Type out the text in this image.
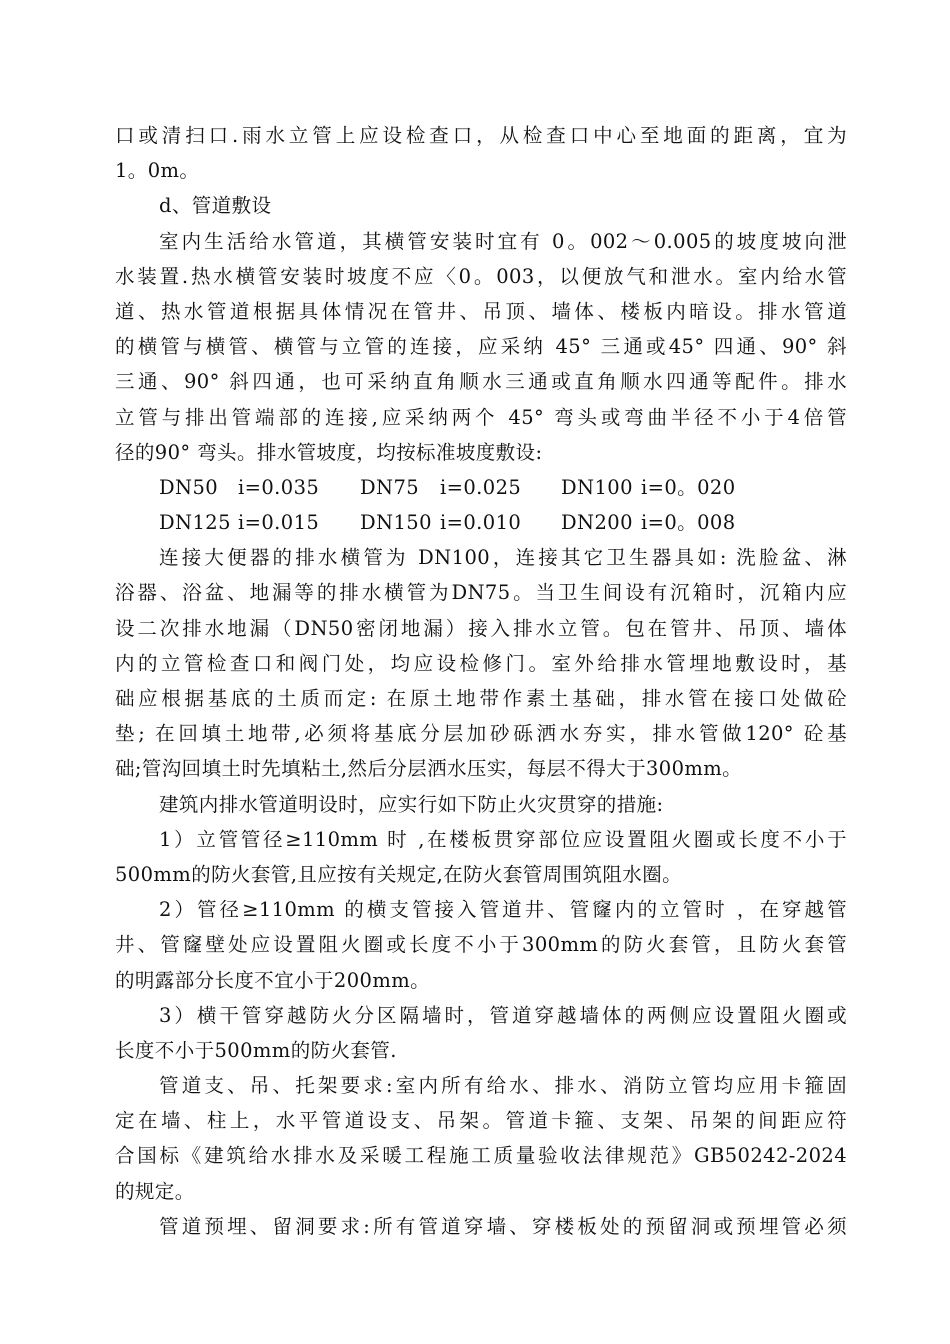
口或清扫口.雨水立管上应设检查口，从检查口中心至地面的距离，宜为
1。0m。
d、管道敷设
室内生活给水管道，其横管安装时宜有 0。002～0.005的坡度坡向泄
水装置.热水横管安装时坡度不应〈0。003，以便放气和泄水。室内给水管
道、热水管道根据具体情况在管井、吊顶、墙体、楼板内暗设。排水管道
的横管与横管、横管与立管的连接，应采纳 45° 三通或45° 四通、90° 斜
三通、90° 斜四通，也可采纳直角顺水三通或直角顺水四通等配件。排水
立管与排出管端部的连接,应采纳两个 45° 弯头或弯曲半径不小于4倍管
径的90° 弯头。排水管坡度，均按标准坡度敷设:
DN50 i=0.035 DN75 i=0.025 DN100 i=0。020
DN125 i=0.015 DN150 i=0.010 DN200 i=0。008
连接大便器的排水横管为 DN100，连接其它卫生器具如: 洗脸盆、淋
浴器、浴盆、地漏等的排水横管为DN75。当卫生间设有沉箱时，沉箱内应
设二次排水地漏（DN50密闭地漏）接入排水立管。包在管井、吊顶、墙体
内的立管检查口和阀门处，均应设检修门。室外给排水管埋地敷设时，基
础应根据基底的土质而定: 在原土地带作素土基础，排水管在接口处做砼
垫; 在回填土地带,必须将基底分层加砂砾洒水夯实，排水管做120° 砼基
础;管沟回填土时先填粘土,然后分层洒水压实，每层不得大于300mm。
建筑内排水管道明设时，应实行如下防止火灾贯穿的措施:
1）立管管径≥110mm 时 ,在楼板贯穿部位应设置阻火圈或长度不小于
500mm的防火套管,且应按有关规定,在防火套管周围筑阻水圈。
2）管径≥110mm 的横支管接入管道井、管窿内的立管时 ，在穿越管
井、管窿壁处应设置阻火圈或长度不小于300mm的防火套管，且防火套管
的明露部分长度不宜小于200mm。
3）横干管穿越防火分区隔墙时，管道穿越墙体的两侧应设置阻火圈或
长度不小于500mm的防火套管.
管道支、吊、托架要求:室内所有给水、排水、消防立管均应用卡箍固
定在墙、柱上，水平管道设支、吊架。管道卡箍、支架、吊架的间距应符
合国标《建筑给水排水及采暖工程施工质量验收法律规范》GB50242-2024
的规定。
管道预埋、留洞要求:所有管道穿墙、穿楼板处的预留洞或预埋管必须
